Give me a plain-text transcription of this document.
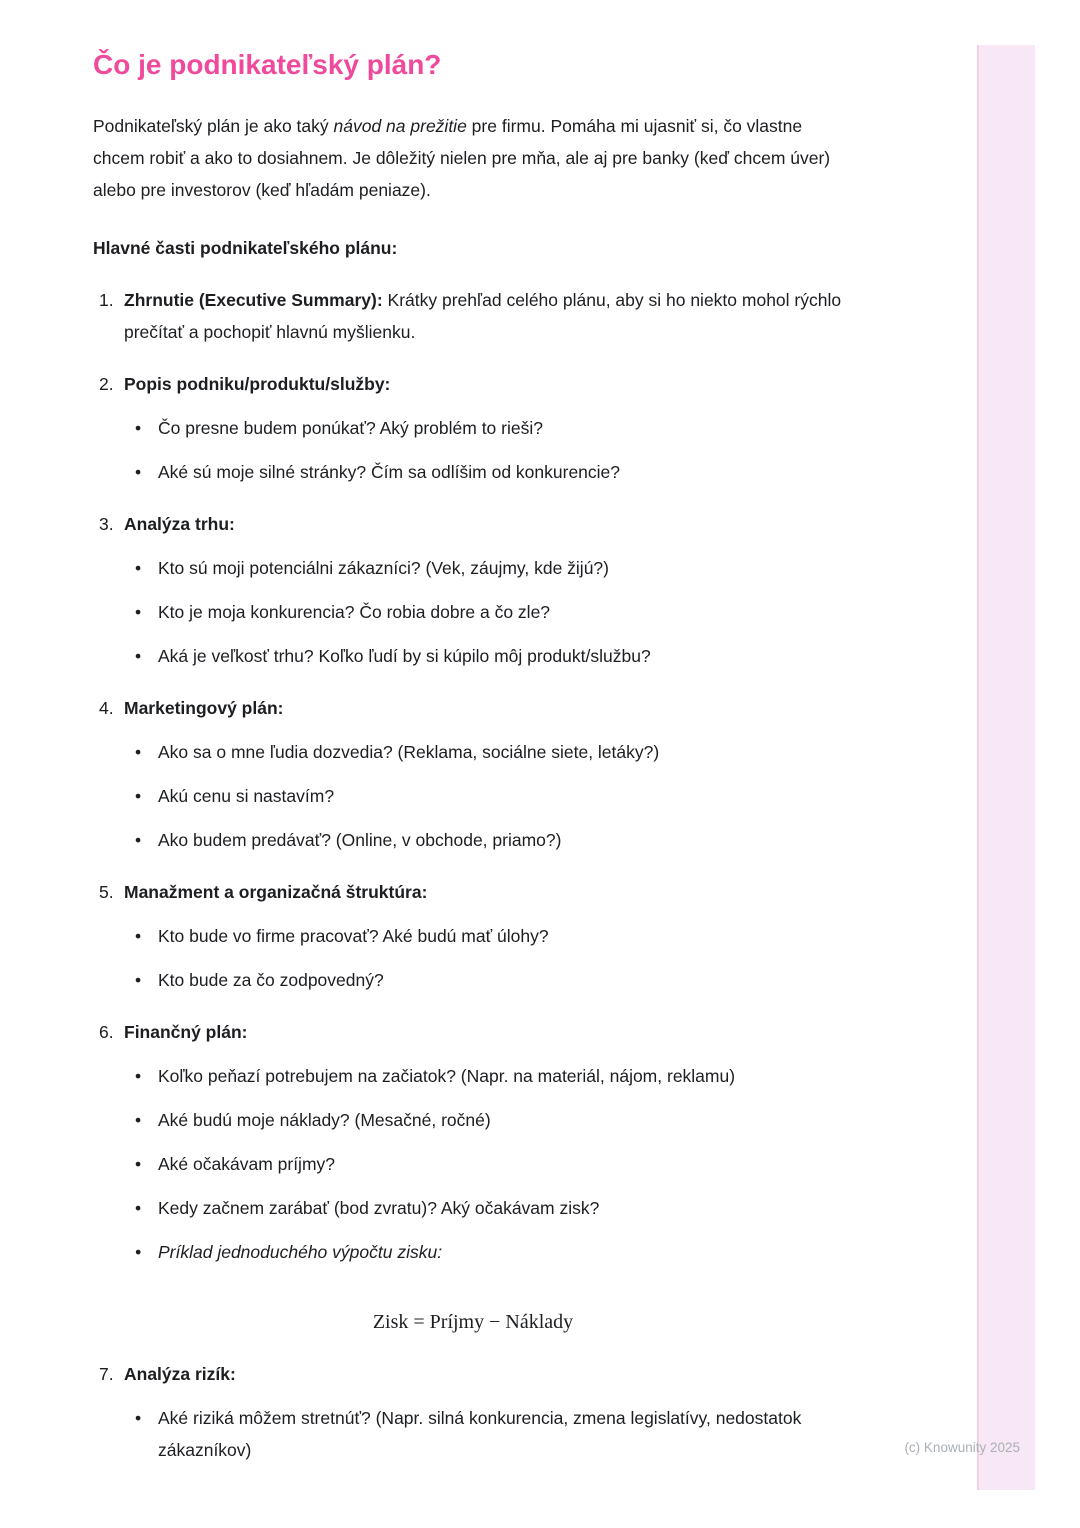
Čo je podnikateľský plán?

Podnikateľský plán je ako taký návod na prežitie pre firmu. Pomáha mi ujasniť si, čo vlastne chcem robiť a ako to dosiahnem. Je dôležitý nielen pre mňa, ale aj pre banky (keď chcem úver) alebo pre investorov (keď hľadám peniaze).

Hlavné časti podnikateľského plánu:

1. Zhrnutie (Executive Summary): Krátky prehľad celého plánu, aby si ho niekto mohol rýchlo prečítať a pochopiť hlavnú myšlienku.
2. Popis podniku/produktu/služby:
• Čo presne budem ponúkať? Aký problém to rieši?
• Aké sú moje silné stránky? Čím sa odlíšim od konkurencie?
3. Analýza trhu:
• Kto sú moji potenciálni zákazníci? (Vek, záujmy, kde žijú?)
• Kto je moja konkurencia? Čo robia dobre a čo zle?
• Aká je veľkosť trhu? Koľko ľudí by si kúpilo môj produkt/službu?
4. Marketingový plán:
• Ako sa o mne ľudia dozvedia? (Reklama, sociálne siete, letáky?)
• Akú cenu si nastavím?
• Ako budem predávať? (Online, v obchode, priamo?)
5. Manažment a organizačná štruktúra:
• Kto bude vo firme pracovať? Aké budú mať úlohy?
• Kto bude za čo zodpovedný?
6. Finančný plán:
• Koľko peňazí potrebujem na začiatok? (Napr. na materiál, nájom, reklamu)
• Aké budú moje náklady? (Mesačné, ročné)
• Aké očakávam príjmy?
• Kedy začnem zarábať (bod zvratu)? Aký očakávam zisk?
• Príklad jednoduchého výpočtu zisku:
Zisk = Príjmy − Náklady
7. Analýza rizík:
• Aké riziká môžem stretnúť? (Napr. silná konkurencia, zmena legislatívy, nedostatok zákazníkov)	(c) Knowunity 2025
